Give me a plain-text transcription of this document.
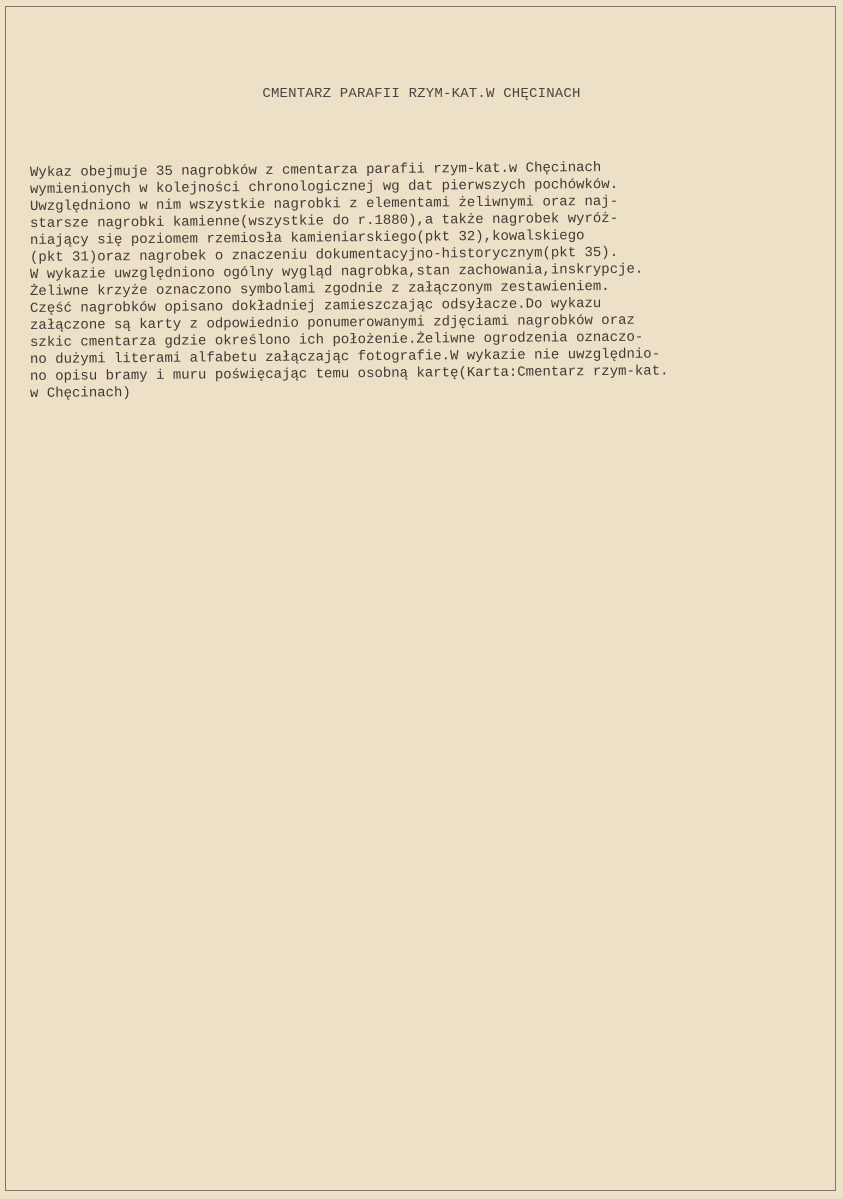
CMENTARZ PARAFII RZYM-KAT.W CHĘCINACH
Wykaz obejmuje 35 nagrobków z cmentarza parafii rzym-kat.w Chęcinach
wymienionych w kolejności chronologicznej wg dat pierwszych pochówków.
Uwzględniono w nim wszystkie nagrobki z elementami żeliwnymi oraz naj-
starsze nagrobki kamienne(wszystkie do r.1880),a także nagrobek wyróż-
niający się poziomem rzemiosła kamieniarskiego(pkt 32),kowalskiego
(pkt 31)oraz nagrobek o znaczeniu dokumentacyjno-historycznym(pkt 35).
W wykazie uwzględniono ogólny wygląd nagrobka,stan zachowania,inskrypcje.
Żeliwne krzyże oznaczono symbolami zgodnie z załączonym zestawieniem.
Część nagrobków opisano dokładniej zamieszczając odsyłacze.Do wykazu
załączone są karty z odpowiednio ponumerowanymi zdjęciami nagrobków oraz
szkic cmentarza gdzie określono ich położenie.Żeliwne ogrodzenia oznaczo-
no dużymi literami alfabetu załączając fotografie.W wykazie nie uwzględnio-
no opisu bramy i muru poświęcając temu osobną kartę(Karta:Cmentarz rzym-kat.
w Chęcinach)
